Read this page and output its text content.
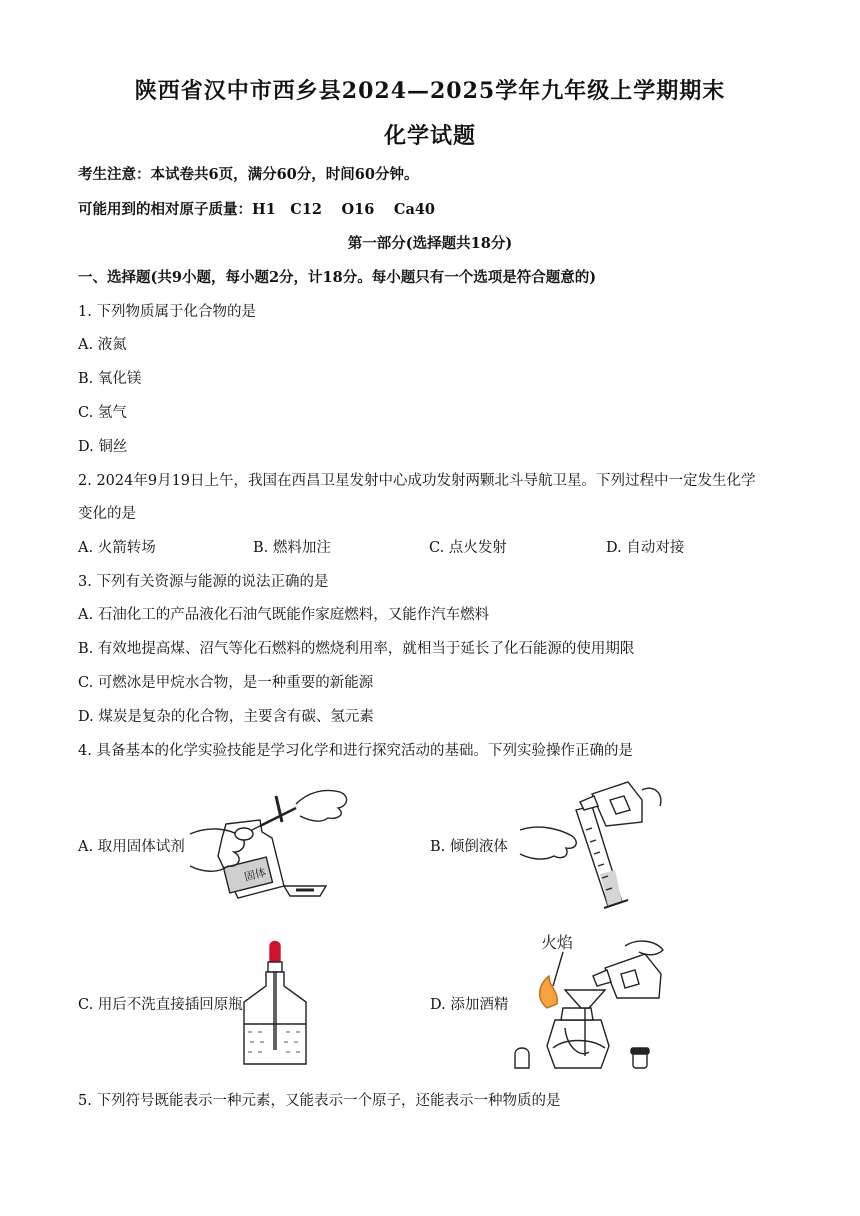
陕西省汉中市西乡县2024—2025学年九年级上学期期末
化学试题
考生注意：本试卷共6页，满分60分，时间60分钟。
可能用到的相对原子质量：H1　C12　 O16　 Ca40
第一部分(选择题共18分)
一、选择题(共9小题，每小题2分，计18分。每小题只有一个选项是符合题意的)
1. 下列物质属于化合物的是
A. 液氮
B. 氧化镁
C. 氢气
D. 铜丝
2. 2024年9月19日上午，我国在西昌卫星发射中心成功发射两颗北斗导航卫星。下列过程中一定发生化学
变化的是
A. 火箭转场	B. 燃料加注	C. 点火发射	D. 自动对接
3. 下列有关资源与能源的说法正确的是
A. 石油化工的产品液化石油气既能作家庭燃料，又能作汽车燃料
B. 有效地提高煤、沼气等化石燃料的燃烧利用率，就相当于延长了化石能源的使用期限
C. 可燃冰是甲烷水合物，是一种重要的新能源
D. 煤炭是复杂的化合物，主要含有碳、氢元素
4. 具备基本的化学实验技能是学习化学和进行探究活动的基础。下列实验操作正确的是
A. 取用固体试剂	B. 倾倒液体
C. 用后不洗直接插回原瓶	D. 添加酒精
固体
火焰
5. 下列符号既能表示一种元素，又能表示一个原子，还能表示一种物质的是
